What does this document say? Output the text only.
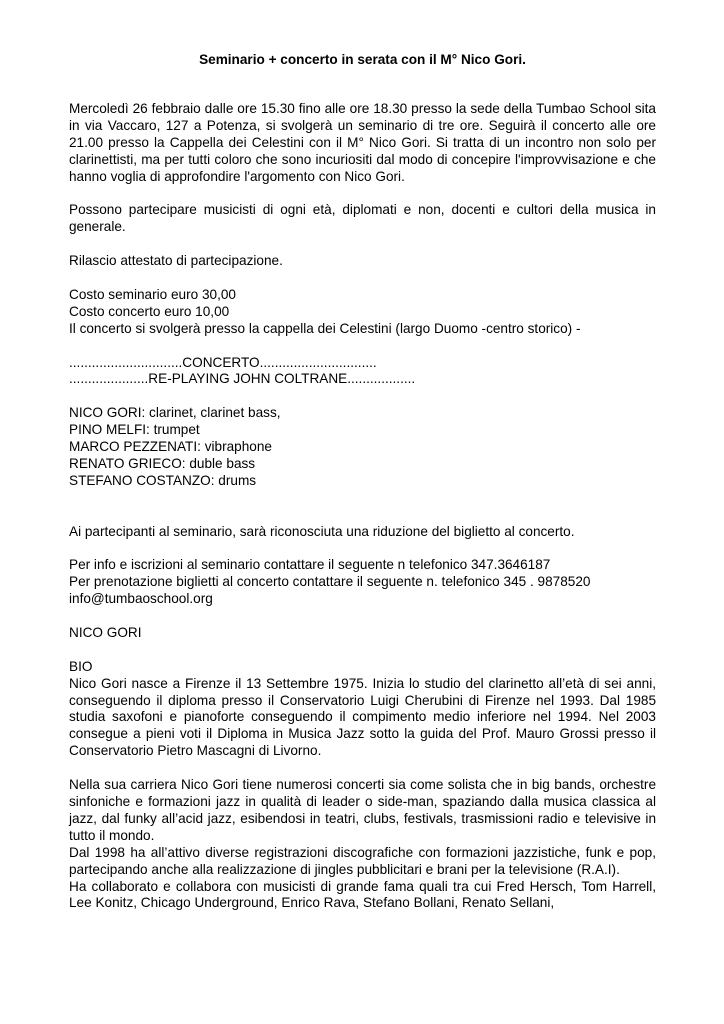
Seminario + concerto in serata con il M° Nico Gori.

Mercoledì 26 febbraio dalle ore 15.30 fino alle ore 18.30 presso la sede della Tumbao School sita in via Vaccaro, 127 a Potenza, si svolgerà un seminario di tre ore. Seguirà il concerto alle ore 21.00 presso la Cappella dei Celestini con il M° Nico Gori. Si tratta di un incontro non solo per clarinettisti, ma per tutti coloro che sono incuriositi dal modo di concepire l'improvvisazione e che hanno voglia di approfondire l'argomento con Nico Gori.

Possono partecipare musicisti di ogni età, diplomati e non, docenti e cultori della musica in generale.

Rilascio attestato di partecipazione.

Costo seminario euro 30,00

Costo concerto euro 10,00

Il concerto si svolgerà presso la cappella dei Celestini (largo Duomo -centro storico) -

..............................CONCERTO...............................

.....................RE-PLAYING JOHN COLTRANE..................

NICO GORI: clarinet, clarinet bass,

PINO MELFI: trumpet

MARCO PEZZENATI: vibraphone

RENATO GRIECO: duble bass

STEFANO COSTANZO: drums

Ai partecipanti al seminario, sarà riconosciuta una riduzione del biglietto al concerto.

Per info e iscrizioni al seminario contattare il seguente n telefonico 347.3646187

Per prenotazione biglietti al concerto contattare il seguente n. telefonico 345 . 9878520

info@tumbaoschool.org

NICO GORI

BIO

Nico Gori nasce a Firenze il 13 Settembre 1975. Inizia lo studio del clarinetto all’età di sei anni, conseguendo il diploma presso il Conservatorio Luigi Cherubini di Firenze nel 1993. Dal 1985 studia saxofoni e pianoforte conseguendo il compimento medio inferiore nel 1994. Nel 2003 consegue a pieni voti il Diploma in Musica Jazz sotto la guida del Prof. Mauro Grossi presso il Conservatorio Pietro Mascagni di Livorno.

Nella sua carriera Nico Gori tiene numerosi concerti sia come solista che in big bands, orchestre sinfoniche e formazioni jazz in qualità di leader o side-man, spaziando dalla musica classica al jazz, dal funky all’acid jazz, esibendosi in teatri, clubs, festivals, trasmissioni radio e televisive in tutto il mondo.

Dal 1998 ha all’attivo diverse registrazioni discografiche con formazioni jazzistiche, funk e pop, partecipando anche alla realizzazione di jingles pubblicitari e brani per la televisione (R.A.I).

Ha collaborato e collabora con musicisti di grande fama quali tra cui Fred Hersch, Tom Harrell, Lee Konitz, Chicago Underground, Enrico Rava, Stefano Bollani, Renato Sellani,
